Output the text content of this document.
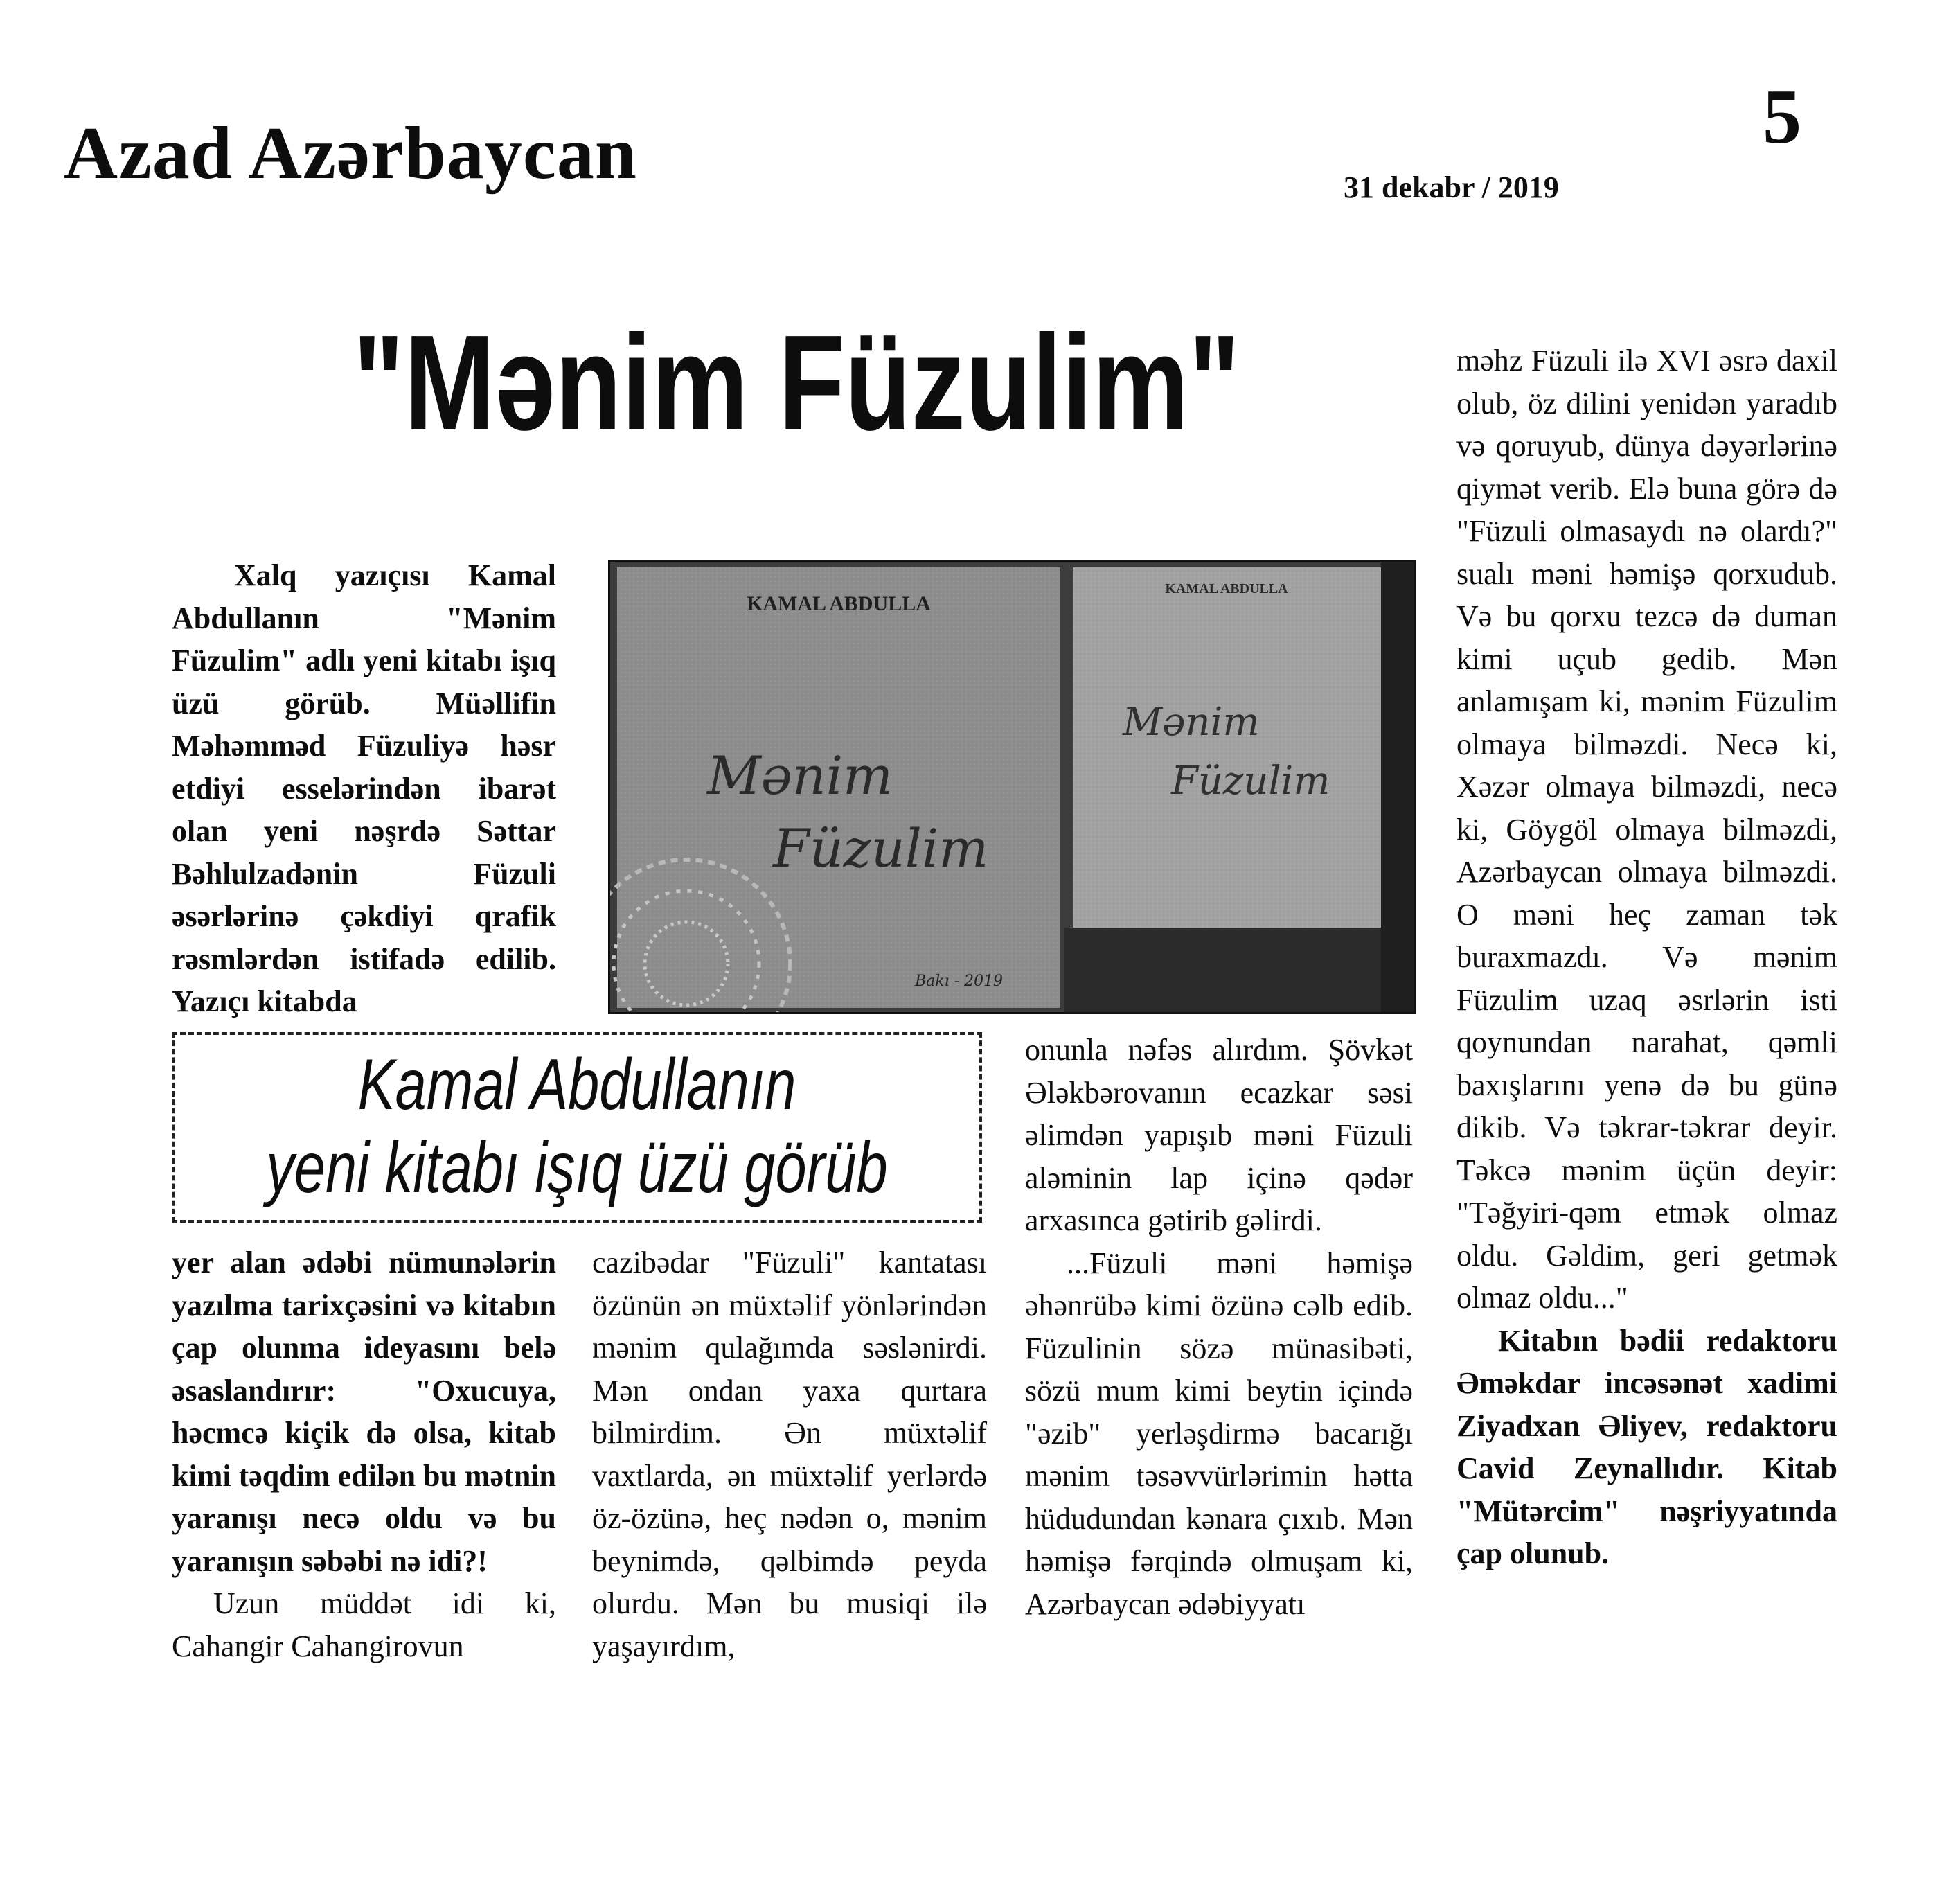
Azad Azərbaycan	5
31 dekabr / 2019
"Mənim Füzulim"

Xalq yazıçısı Kamal Abdullanın "Mənim Füzulim" adlı yeni kitabı işıq üzü görüb. Müəllifin Məhəmməd Füzuliyə həsr etdiyi esselərindən ibarət olan yeni nəşrdə Səttar Bəhlulzadənin Füzuli əsərlərinə çəkdiyi qrafik rəsmlərdən istifadə edilib. Yazıçı kitabda

KAMAL ABDULLA
Mənim
Füzulim
Bakı - 2019
KAMAL ABDULLA
Mənim
Füzulim
Kamal Abdullanın
yeni kitabı işıq üzü görüb

yer alan ədəbi nümunələrin yazılma tarixçəsini və kitabın çap olunma ideyasını belə əsaslandırır: "Oxucuya, həcmcə kiçik də olsa, kitab kimi təqdim edilən bu mətnin yaranışı necə oldu və bu yaranışın səbəbi nə idi?!

Uzun müddət idi ki, Cahangir Cahangirovun

cazibədar "Füzuli" kantatası özünün ən müxtəlif yönlərindən mənim qulağımda səslənirdi. Mən ondan yaxa qurtara bilmirdim. Ən müxtəlif vaxtlarda, ən müxtəlif yerlərdə öz-özünə, heç nədən o, mənim beynimdə, qəlbimdə peyda olurdu. Mən bu musiqi ilə yaşayırdım,

onunla nəfəs alırdım. Şövkət Ələkbərovanın ecazkar səsi əlimdən yapışıb məni Füzuli aləminin lap içinə qədər arxasınca gətirib gəlirdi.

...Füzuli məni həmişə əhənrübə kimi özünə cəlb edib. Füzulinin sözə münasibəti, sözü mum kimi beytin içində "əzib" yerləşdirmə bacarığı mənim təsəvvürlərimin hətta hüdudundan kənara çıxıb. Mən həmişə fərqində olmuşam ki, Azərbaycan ədəbiyyatı

məhz Füzuli ilə XVI əsrə daxil olub, öz dilini yenidən yaradıb və qoruyub, dünya dəyərlərinə qiymət verib. Elə buna görə də "Füzuli olmasaydı nə olardı?" sualı məni həmişə qorxudub. Və bu qorxu tezcə də duman kimi uçub gedib. Mən anlamışam ki, mənim Füzulim olmaya bilməzdi. Necə ki, Xəzər olmaya bilməzdi, necə ki, Göygöl olmaya bilməzdi, Azərbaycan olmaya bilməzdi. O məni heç zaman tək buraxmazdı. Və mənim Füzulim uzaq əsrlərin isti qoynundan narahat, qəmli baxışlarını yenə də bu günə dikib. Və təkrar-təkrar deyir. Təkcə mənim üçün deyir: "Təğyiri-qəm etmək olmaz oldu. Gəldim, geri getmək olmaz oldu..."

Kitabın bədii redaktoru Əməkdar incəsənət xadimi Ziyadxan Əliyev, redaktoru Cavid Zeynallıdır. Kitab "Mütərcim" nəşriyyatında çap olunub.
